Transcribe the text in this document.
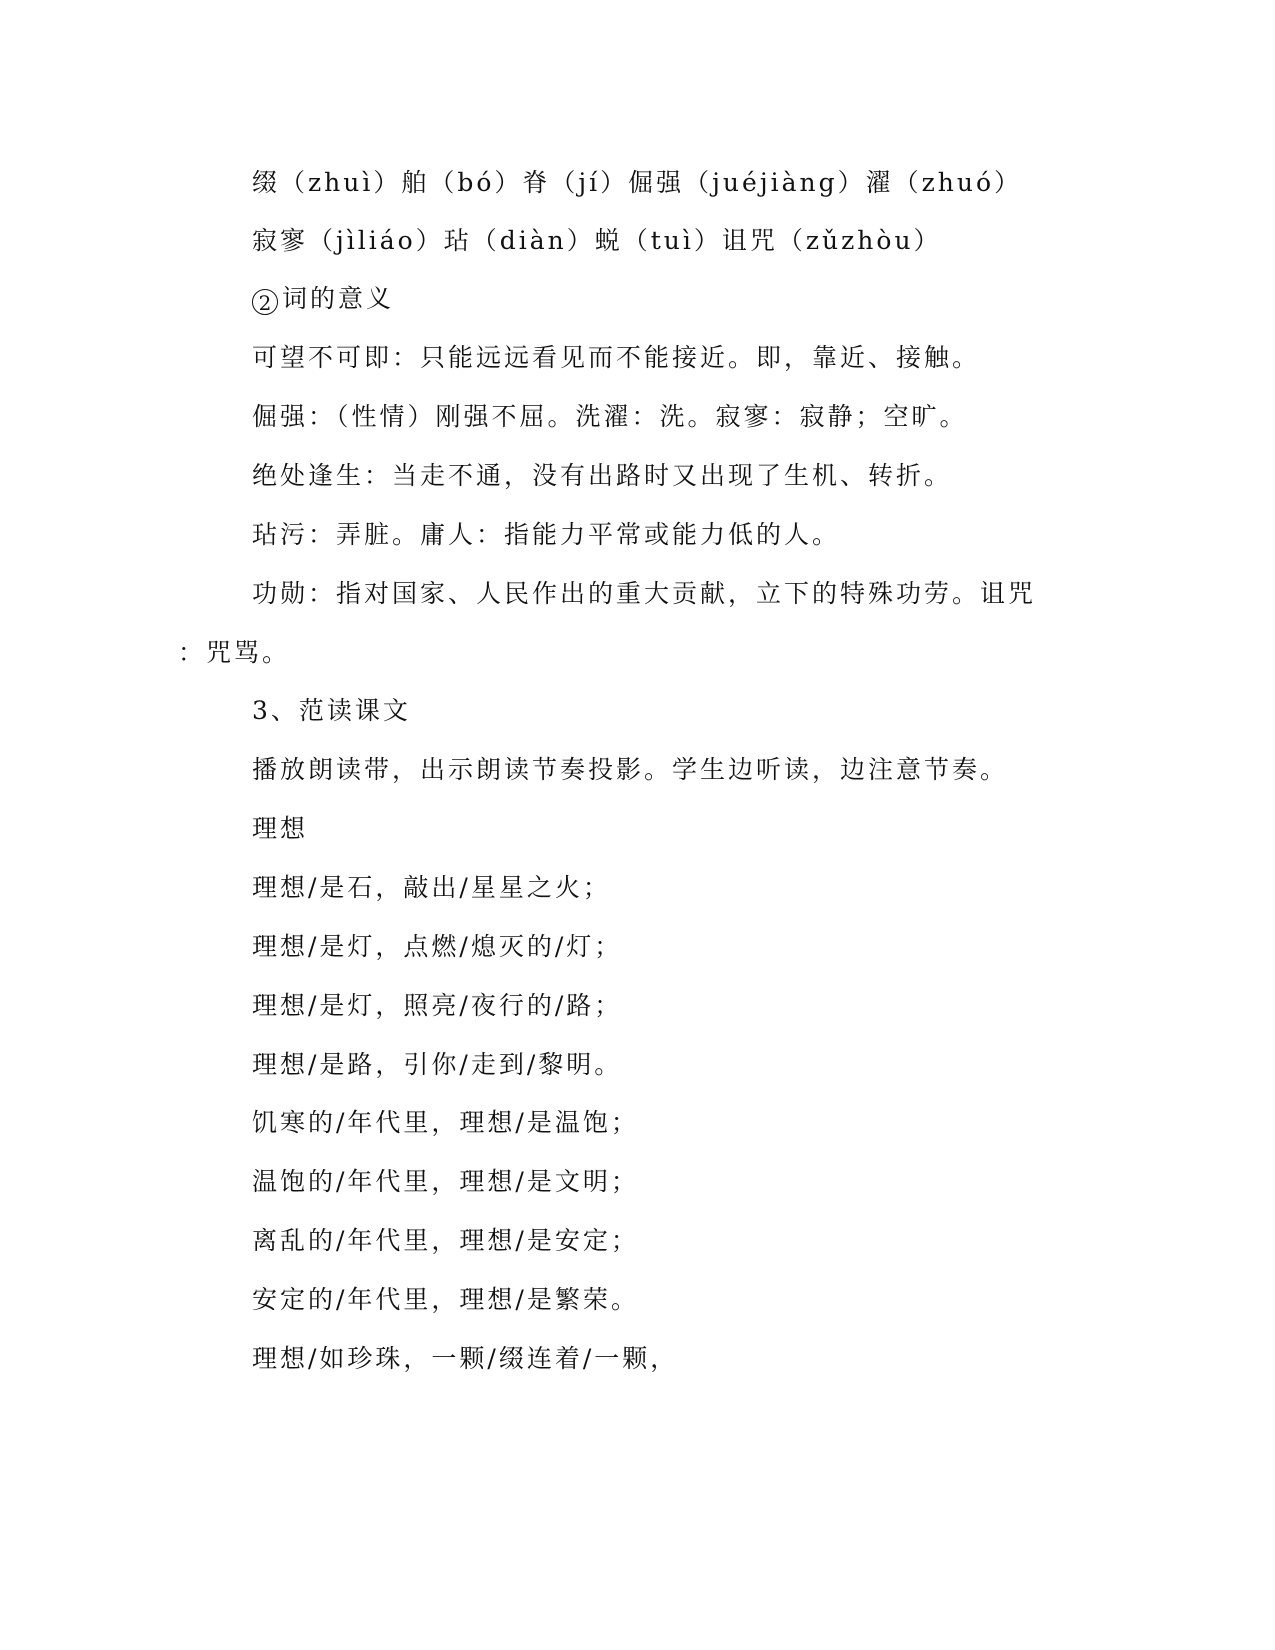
缀（zhuì）舶（bó）脊（jí）倔强（juéjiàng）濯（zhuó）
寂寥（jìliáo）玷（diàn）蜕（tuì）诅咒（zǔzhòu）
2 词的意义
可望不可即：只能远远看见而不能接近。即，靠近、接触。
倔强：（性情）刚强不屈。洗濯：洗。寂寥：寂静；空旷。
绝处逢生：当走不通，没有出路时又出现了生机、转折。
玷污：弄脏。庸人：指能力平常或能力低的人。
功勋：指对国家、人民作出的重大贡献，立下的特殊功劳。诅咒
：咒骂。
3、范读课文
播放朗读带，出示朗读节奏投影。学生边听读，边注意节奏。
理想
理想/是石，敲出/星星之火；
理想/是灯，点燃/熄灭的/灯；
理想/是灯，照亮/夜行的/路；
理想/是路，引你/走到/黎明。
饥寒的/年代里，理想/是温饱；
温饱的/年代里，理想/是文明；
离乱的/年代里，理想/是安定；
安定的/年代里，理想/是繁荣。
理想/如珍珠，一颗/缀连着/一颗，
